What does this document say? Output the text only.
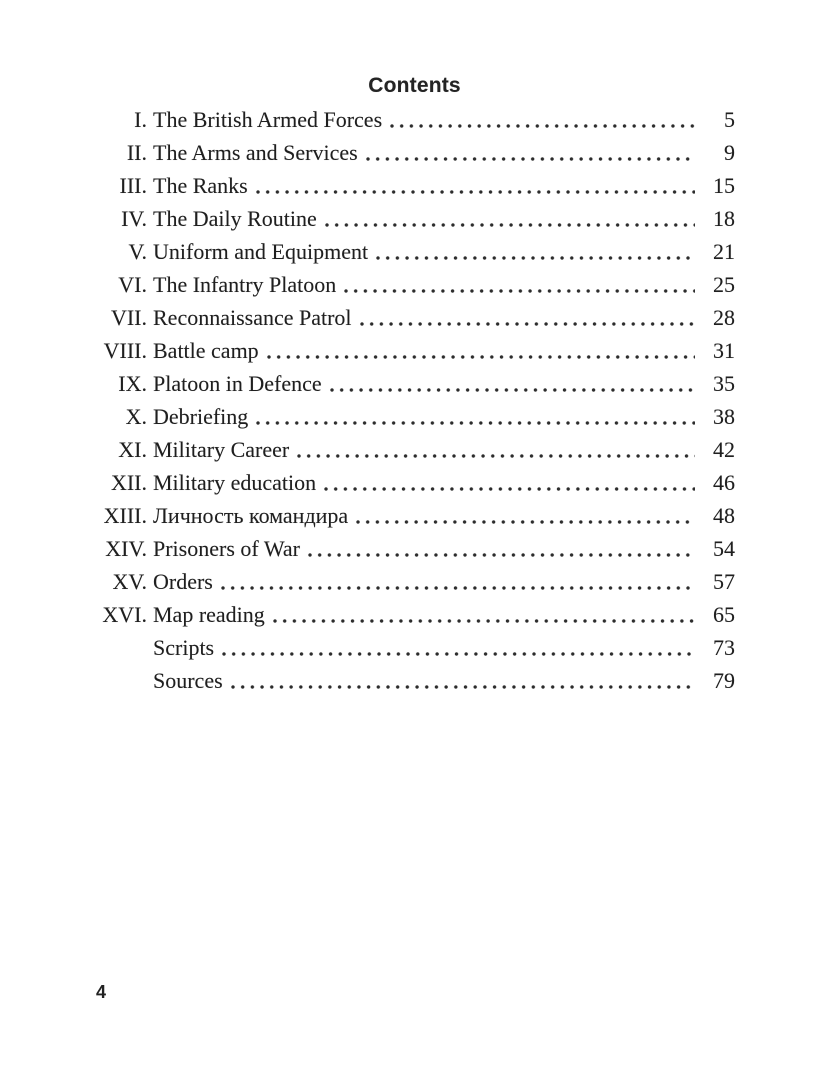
Contents
I. The British Armed Forces	5
II. The Arms and Services	9
III. The Ranks	15
IV. The Daily Routine	18
V. Uniform and Equipment	21
VI. The Infantry Platoon	25
VII. Reconnaissance Patrol	28
VIII. Battle camp	31
IX. Platoon in Defence	35
X. Debriefing	38
XI. Military Career	42
XII. Military education	46
XIII. Личность командира	48
XIV. Prisoners of War	54
XV. Orders	57
XVI. Map reading	65
Scripts	73
Sources	79
4
